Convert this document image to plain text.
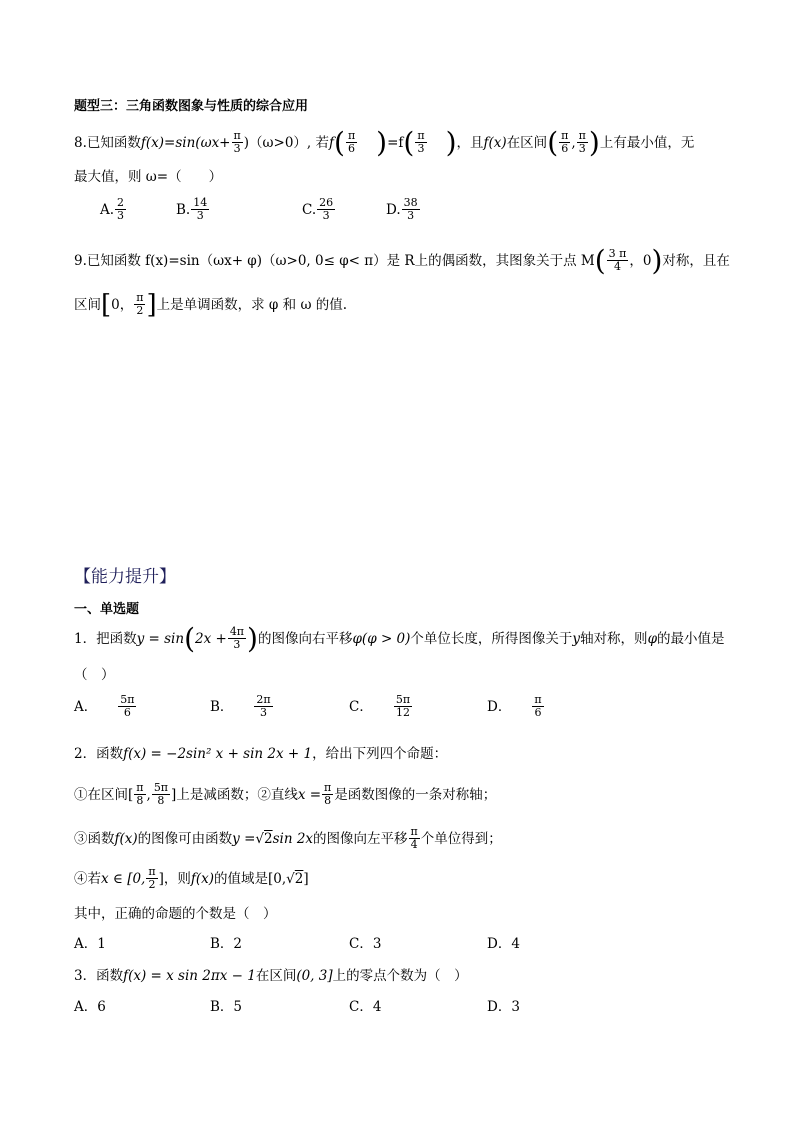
题型三：三角函数图象与性质的综合应用
8. 已知函数 f(x)=sin $(\omega x+ \frac{\pi}{3} )(\omega>0)$, 若 f ( $\frac{\pi}{6}$ ) =f ( $\frac{\pi}{3}$ ) ，且 f(x) 在区间 ( $\frac{\pi}{6}$ , $\frac{\pi}{3}$ ) 上有最小值，无
最大值，则 ω=（　　）
A. $\frac{2}{3}$	B. $\frac{14}{3}$	C. $\frac{26}{3}$	D. $\frac{38}{3}$
9. 已知函数 f(x)=sin（ωx+ φ)（ω>0, 0≤ φ< π）是 R上的偶函数，其图象关于点 M ( $\frac{3 \pi}{4}$ ，0 ) 对称，且在
区间 [ 0， $\frac{\pi}{2}$ ] 上是单调函数，求 φ 和 ω 的值.
【能力提升】
一、单选题
1．把函数 y = sin ( $2x + \frac{4\pi}{3}$ ) 的图像向右平移 φ(φ > 0) 个单位长度，所得图像关于 y 轴对称，则 φ 的最小值是
（　）
A． $\frac{5\pi}{6}$	B． $\frac{2\pi}{3}$	C． $\frac{5\pi}{12}$	D． $\frac{\pi}{6}$
2．函数 f(x) = −2sin² x + sin 2x + 1 ，给出下列四个命题：
①在区间[ $\frac{\pi}{8}$ , $\frac{5\pi}{8}$ ]上是减函数；②直线 $x = \frac{\pi}{8}$ 是函数图像的一条对称轴；
③函数 f(x) 的图像可由函数 y = √ 2 sin 2x 的图像向左平移 $\frac{\pi}{4}$ 个单位得到；
④若 x ∈ [0, $\frac{\pi}{2}$ ]，则 f(x) 的值域是[0, √ 2 ]
其中，正确的命题的个数是（　）
A．1	B．2	C．3	D．4
3．函数 f(x) = x sin 2πx − 1 在区间 (0, 3] 上的零点个数为（　）
A．6	B．5	C．4	D．3
